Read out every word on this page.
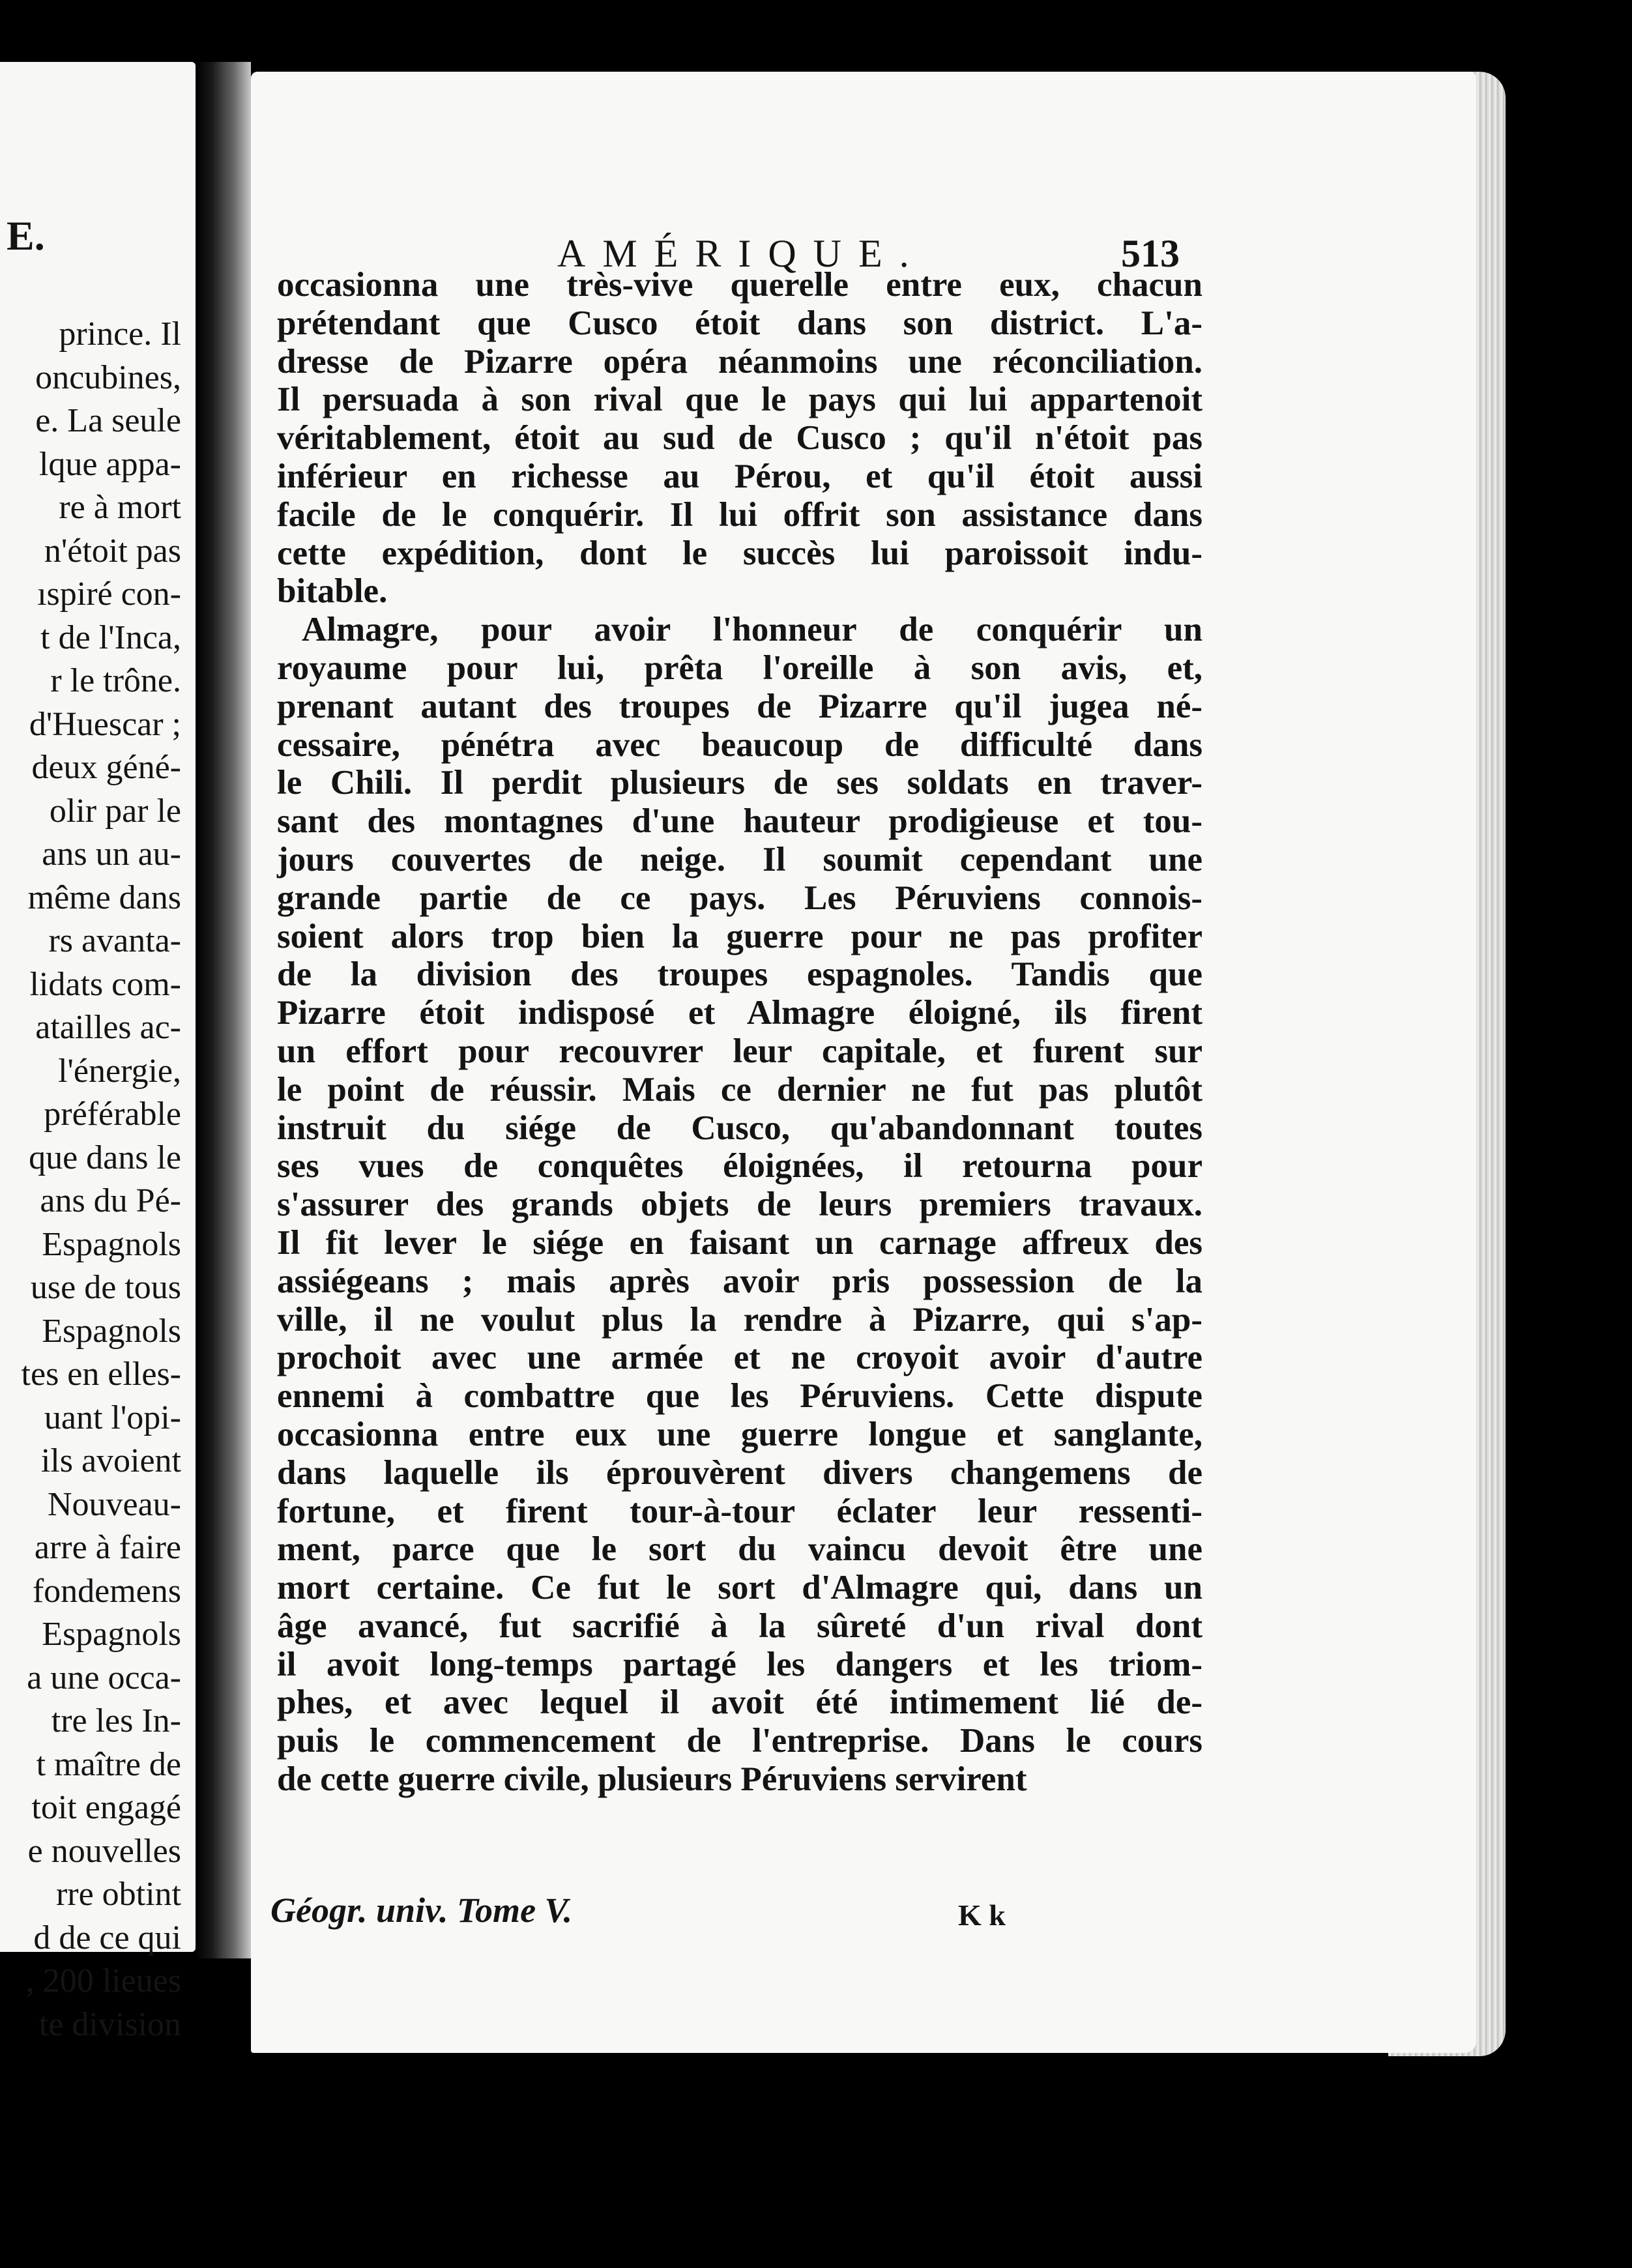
E.
prince. Il
oncubines,
e. La seule
lque appa-
re à mort
n'étoit pas
ıspiré con-
t de l'Inca,
r le trône.
d'Huescar ;
deux géné-
olir par le
ans un au-
même dans
rs avanta-
lidats com-
atailles ac-
l'énergie,
préférable
que dans le
ans du Pé-
Espagnols
use de tous
Espagnols
tes en elles-
uant l'opi-
ils avoient
Nouveau-
arre à faire
fondemens
Espagnols
a une occa-
tre les In-
t maître de
toit engagé
e nouvelles
rre obtint
d de ce qui
, 200 lieues
te division
AMÉRIQUE.	513
occasionna une très-vive querelle entre eux, chacun
prétendant que Cusco étoit dans son district. L'a-
dresse de Pizarre opéra néanmoins une réconciliation.
Il persuada à son rival que le pays qui lui appartenoit
véritablement, étoit au sud de Cusco ; qu'il n'étoit pas
inférieur en richesse au Pérou, et qu'il étoit aussi
facile de le conquérir. Il lui offrit son assistance dans
cette expédition, dont le succès lui paroissoit indu-
bitable.
Almagre, pour avoir l'honneur de conquérir un
royaume pour lui, prêta l'oreille à son avis, et,
prenant autant des troupes de Pizarre qu'il jugea né-
cessaire, pénétra avec beaucoup de difficulté dans
le Chili. Il perdit plusieurs de ses soldats en traver-
sant des montagnes d'une hauteur prodigieuse et tou-
jours couvertes de neige. Il soumit cependant une
grande partie de ce pays. Les Péruviens connois-
soient alors trop bien la guerre pour ne pas profiter
de la division des troupes espagnoles. Tandis que
Pizarre étoit indisposé et Almagre éloigné, ils firent
un effort pour recouvrer leur capitale, et furent sur
le point de réussir. Mais ce dernier ne fut pas plutôt
instruit du siége de Cusco, qu'abandonnant toutes
ses vues de conquêtes éloignées, il retourna pour
s'assurer des grands objets de leurs premiers travaux.
Il fit lever le siége en faisant un carnage affreux des
assiégeans ; mais après avoir pris possession de la
ville, il ne voulut plus la rendre à Pizarre, qui s'ap-
prochoit avec une armée et ne croyoit avoir d'autre
ennemi à combattre que les Péruviens. Cette dispute
occasionna entre eux une guerre longue et sanglante,
dans laquelle ils éprouvèrent divers changemens de
fortune, et firent tour-à-tour éclater leur ressenti-
ment, parce que le sort du vaincu devoit être une
mort certaine. Ce fut le sort d'Almagre qui, dans un
âge avancé, fut sacrifié à la sûreté d'un rival dont
il avoit long-temps partagé les dangers et les triom-
phes, et avec lequel il avoit été intimement lié de-
puis le commencement de l'entreprise. Dans le cours
de cette guerre civile, plusieurs Péruviens servirent
Géogr. univ. Tome V.	K k
